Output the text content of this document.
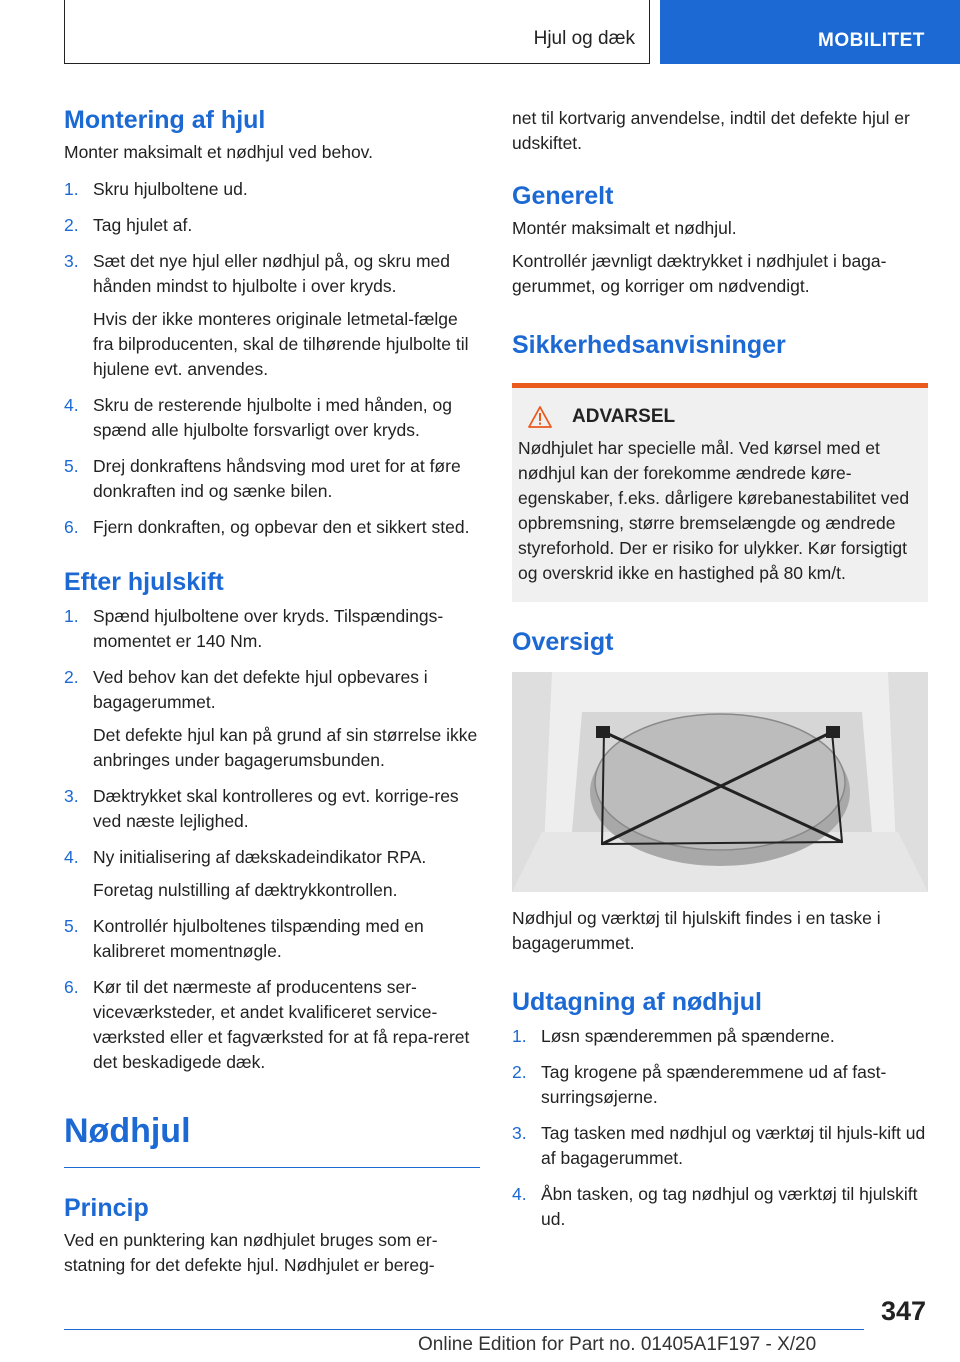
Hjul og dæk	MOBILITET
Montering af hjul

Monter maksimalt et nødhjul ved behov.

1. Skru hjulboltene ud.
2. Tag hjulet af.
3. Sæt det nye hjul eller nødhjul på, og skru med hånden mindst to hjulbolte i over kryds.
Hvis der ikke monteres originale letmetal-fælge fra bilproducenten, skal de tilhørende hjulbolte til hjulene evt. anvendes.
4. Skru de resterende hjulbolte i med hånden, og spænd alle hjulbolte forsvarligt over kryds.
5. Drej donkraftens håndsving mod uret for at føre donkraften ind og sænke bilen.
6. Fjern donkraften, og opbevar den et sikkert sted.
Efter hjulskift
1. Spænd hjulboltene over kryds. Tilspændings-momentet er 140 Nm.
2. Ved behov kan det defekte hjul opbevares i bagagerummet.
Det defekte hjul kan på grund af sin størrelse ikke anbringes under bagagerumsbunden.
3. Dæktrykket skal kontrolleres og evt. korrige-res ved næste lejlighed.
4. Ny initialisering af dækskadeindikator RPA.
Foretag nulstilling af dæktrykkontrollen.
5. Kontrollér hjulboltenes tilspænding med en kalibreret momentnøgle.
6. Kør til det nærmeste af producentens ser-viceværksteder, et andet kvalificeret service-værksted eller et fagværksted for at få repa-reret det beskadigede dæk.
Nødhjul
Princip

Ved en punktering kan nødhjulet bruges som er-statning for det defekte hjul. Nødhjulet er bereg-

net til kortvarig anvendelse, indtil det defekte hjul er udskiftet.

Generelt

Montér maksimalt et nødhjul.

Kontrollér jævnligt dæktrykket i nødhjulet i baga-gerummet, og korriger om nødvendigt.

Sikkerhedsanvisninger
ADVARSEL

Nødhjulet har specielle mål. Ved kørsel med et nødhjul kan der forekomme ændrede køre-egenskaber, f.eks. dårligere kørebanestabilitet ved opbremsning, større bremselængde og ændrede styreforhold. Der er risiko for ulykker. Kør forsigtigt og overskrid ikke en hastighed på 80 km/t.

Oversigt

Nødhjul og værktøj til hjulskift findes i en taske i bagagerummet.

Udtagning af nødhjul
1. Løsn spænderemmen på spænderne.
2. Tag krogene på spænderemmene ud af fast-surringsøjerne.
3. Tag tasken med nødhjul og værktøj til hjuls-kift ud af bagagerummet.
4. Åbn tasken, og tag nødhjul og værktøj til hjulskift ud.
347
Online Edition for Part no. 01405A1F197 - X/20
